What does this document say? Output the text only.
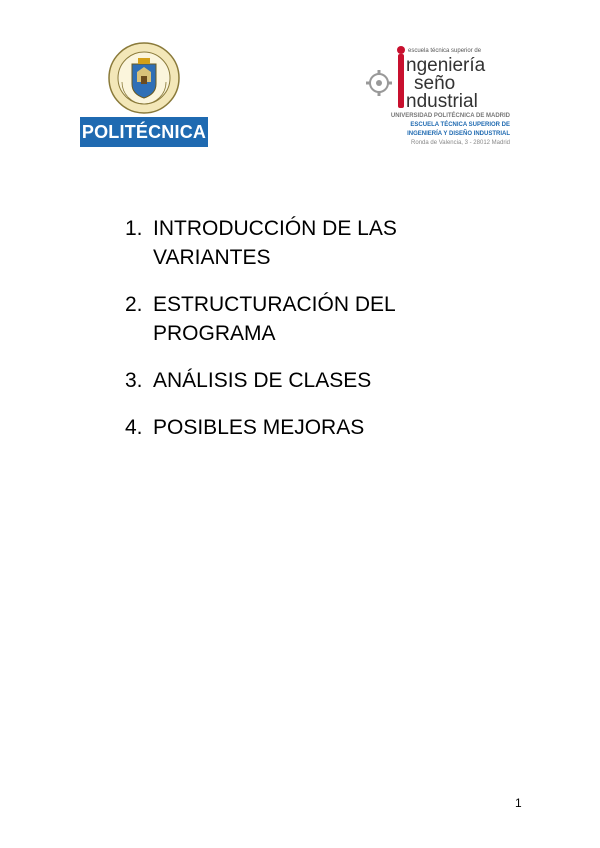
POLITÉCNICA
escuela técnica superior de
ngeniería
seño
ndustrial
UNIVERSIDAD POLITÉCNICA DE MADRID
ESCUELA TÉCNICA SUPERIOR DE
INGENIERÍA Y DISEÑO INDUSTRIAL
Ronda de Valencia, 3 - 28012 Madrid
1. INTRODUCCIÓN DE LAS VARIANTES
2. ESTRUCTURACIÓN DEL PROGRAMA
3. ANÁLISIS DE CLASES
4. POSIBLES MEJORAS
1
